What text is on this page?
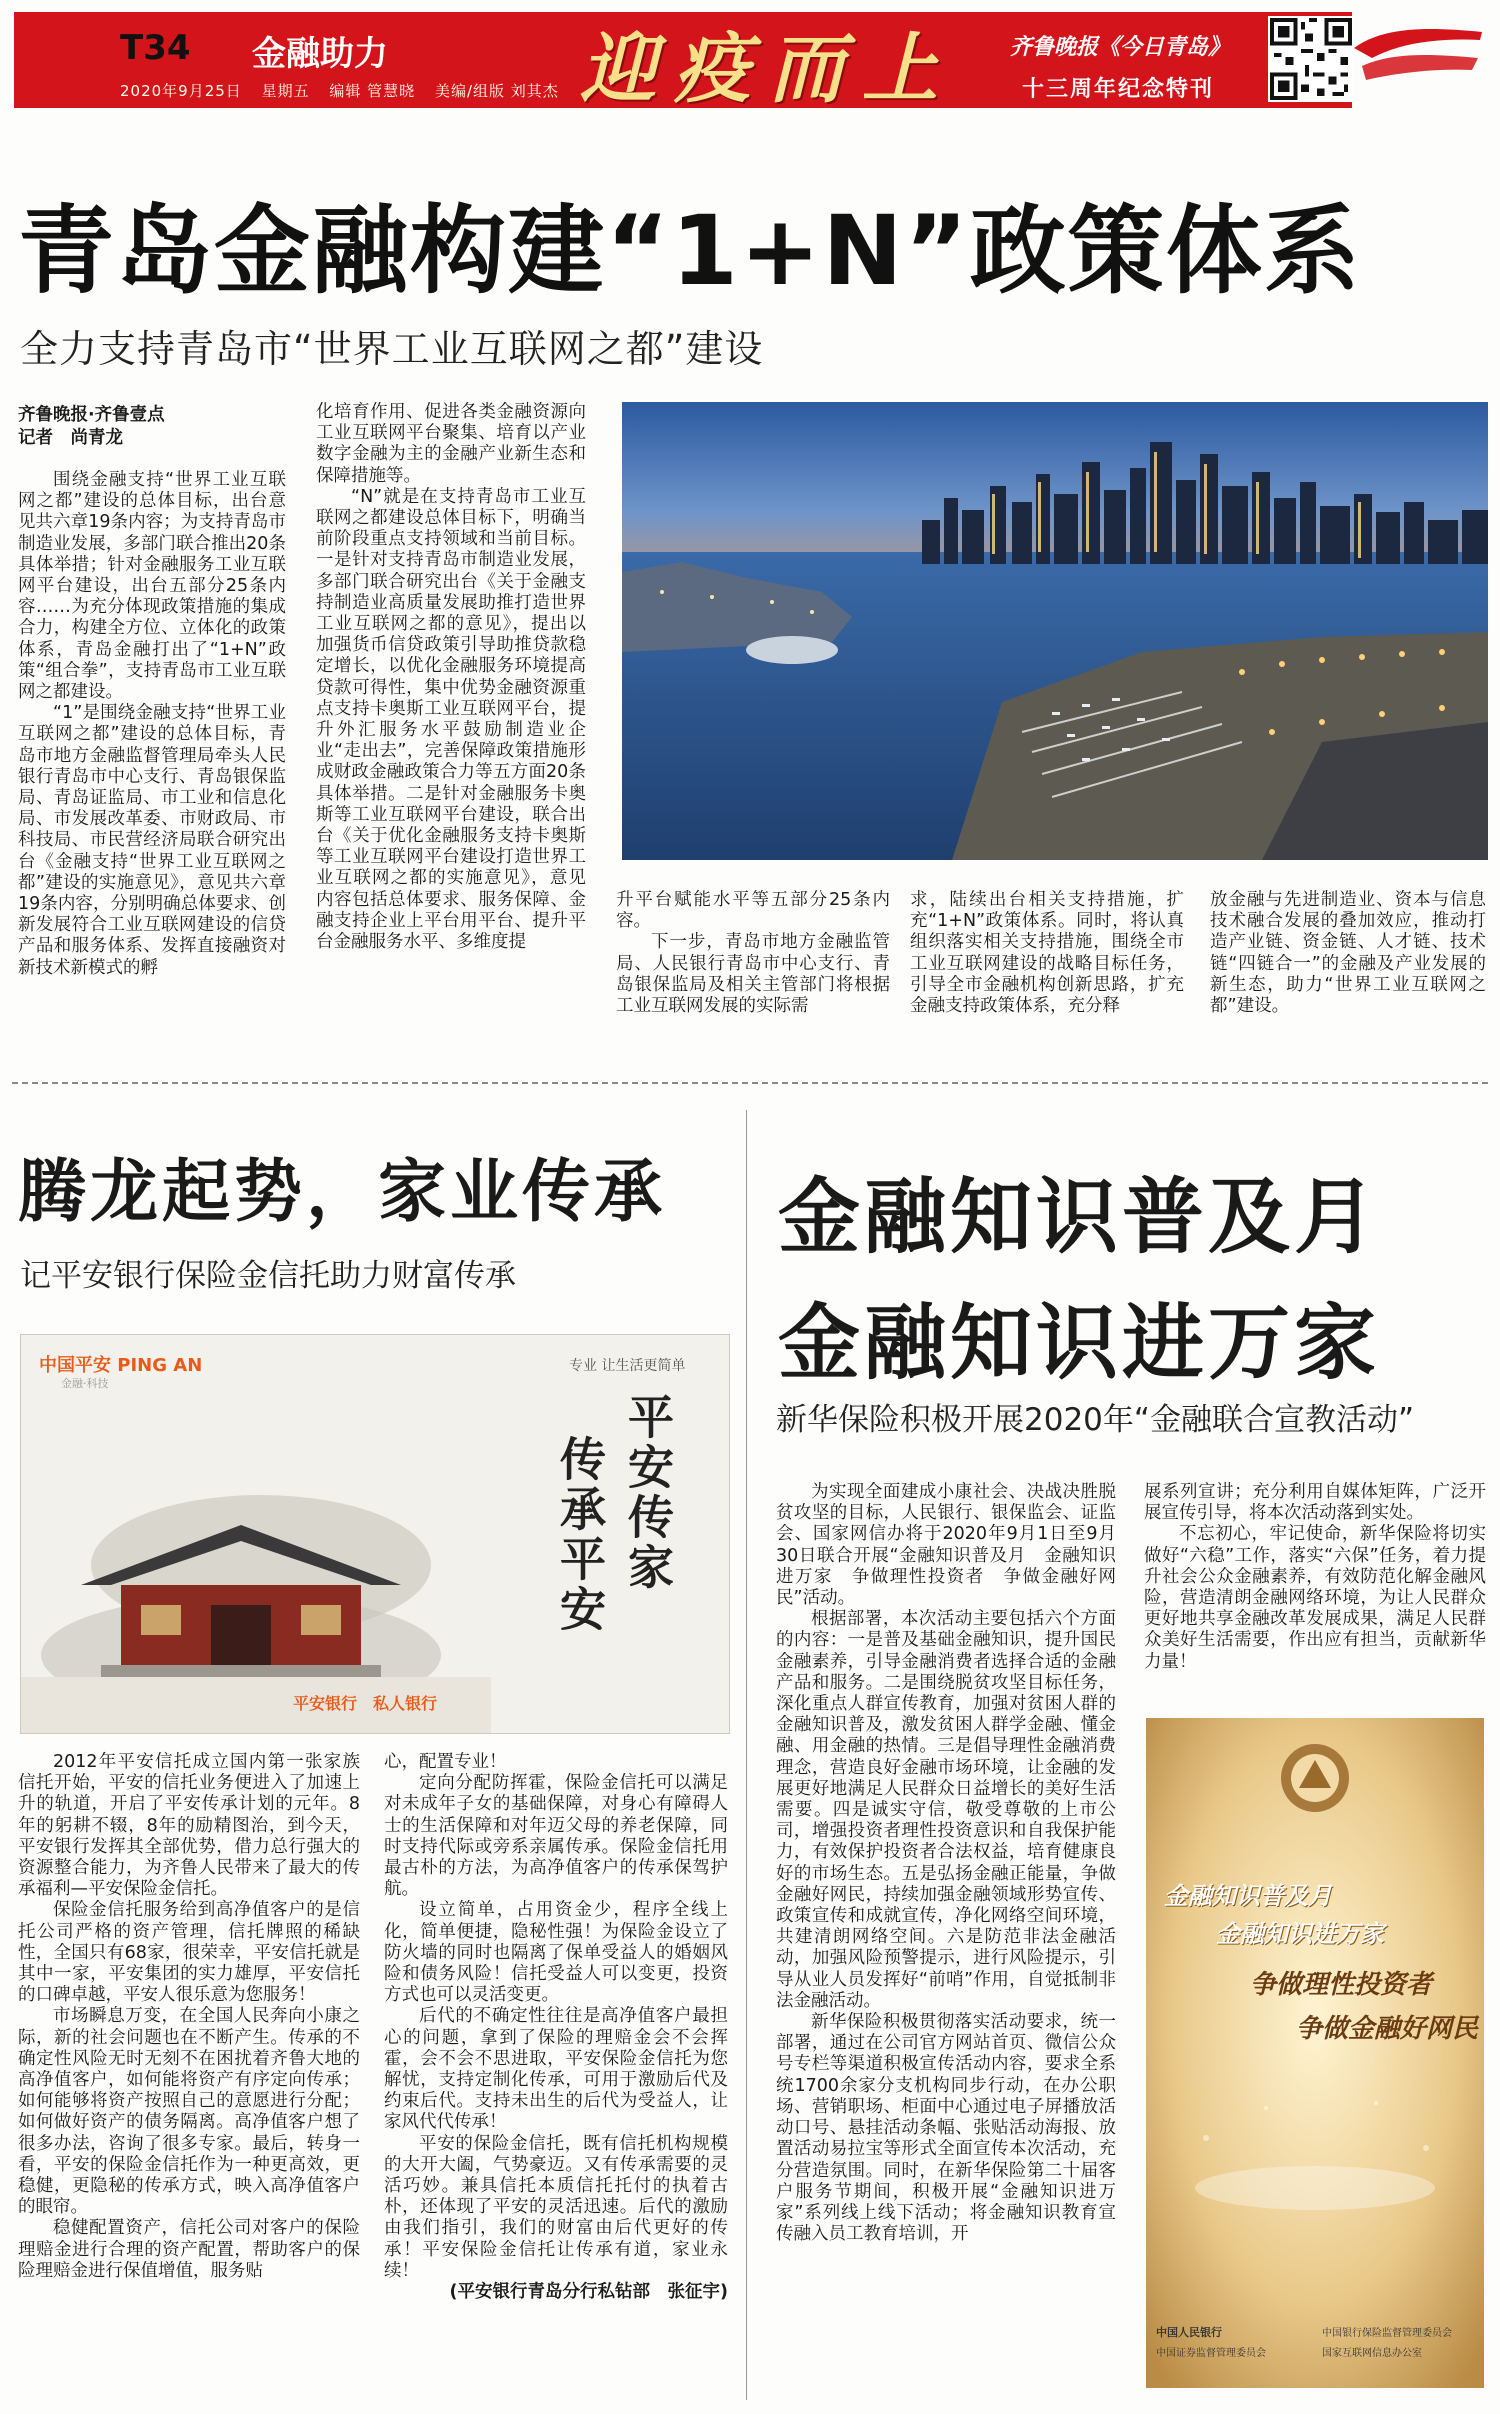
T34 金融助力
2020年9月25日 星期五 编辑 管慧晓 美编/组版 刘其杰 迎疫而上 齐鲁晚报《今日青岛》
十三周年纪念特刊
青岛金融构建“1+N”政策体系
全力支持青岛市“世界工业互联网之都”建设
齐鲁晚报·齐鲁壹点
记者　尚青龙

围绕金融支持“世界工业互联网之都”建设的总体目标，出台意见共六章19条内容；为支持青岛市制造业发展，多部门联合推出20条具体举措；针对金融服务工业互联网平台建设，出台五部分25条内容……为充分体现政策措施的集成合力，构建全方位、立体化的政策体系，青岛金融打出了“1+N”政策“组合拳”，支持青岛市工业互联网之都建设。

“1”是围绕金融支持“世界工业互联网之都”建设的总体目标，青岛市地方金融监督管理局牵头人民银行青岛市中心支行、青岛银保监局、青岛证监局、市工业和信息化局、市发展改革委、市财政局、市科技局、市民营经济局联合研究出台《金融支持“世界工业互联网之都”建设的实施意见》，意见共六章19条内容，分别明确总体要求、创新发展符合工业互联网建设的信贷产品和服务体系、发挥直接融资对新技术新模式的孵

化培育作用、促进各类金融资源向工业互联网平台聚集、培育以产业数字金融为主的金融产业新生态和保障措施等。

“N”就是在支持青岛市工业互联网之都建设总体目标下，明确当前阶段重点支持领域和当前目标。一是针对支持青岛市制造业发展，多部门联合研究出台《关于金融支持制造业高质量发展助推打造世界工业互联网之都的意见》，提出以加强货币信贷政策引导助推贷款稳定增长，以优化金融服务环境提高贷款可得性，集中优势金融资源重点支持卡奥斯工业互联网平台，提升外汇服务水平鼓励制造业企业“走出去”，完善保障政策措施形成财政金融政策合力等五方面20条具体举措。二是针对金融服务卡奥斯等工业互联网平台建设，联合出台《关于优化金融服务支持卡奥斯等工业互联网平台建设打造世界工业互联网之都的实施意见》，意见内容包括总体要求、服务保障、金融支持企业上平台用平台、提升平台金融服务水平、多维度提

升平台赋能水平等五部分25条内容。

下一步，青岛市地方金融监管局、人民银行青岛市中心支行、青岛银保监局及相关主管部门将根据工业互联网发展的实际需

求，陆续出台相关支持措施，扩充“1+N”政策体系。同时，将认真组织落实相关支持措施，围绕全市工业互联网建设的战略目标任务，引导全市金融机构创新思路，扩充金融支持政策体系，充分释

放金融与先进制造业、资本与信息技术融合发展的叠加效应，推动打造产业链、资金链、人才链、技术链“四链合一”的金融及产业发展的新生态，助力“世界工业互联网之都”建设。

腾龙起势，家业传承
记平安银行保险金信托助力财富传承
中国平安 PING AN
金融·科技
专业 让生活更简单
平安传家
传承平安
平安银行　私人银行

2012年平安信托成立国内第一张家族信托开始，平安的信托业务便进入了加速上升的轨道，开启了平安传承计划的元年。8年的躬耕不辍，8年的励精图治，到今天，平安银行发挥其全部优势，借力总行强大的资源整合能力，为齐鲁人民带来了最大的传承福利—平安保险金信托。

保险金信托服务给到高净值客户的是信托公司严格的资产管理，信托牌照的稀缺性，全国只有68家，很荣幸，平安信托就是其中一家，平安集团的实力雄厚，平安信托的口碑卓越，平安人很乐意为您服务！

市场瞬息万变，在全国人民奔向小康之际，新的社会问题也在不断产生。传承的不确定性风险无时无刻不在困扰着齐鲁大地的高净值客户，如何能将资产有序定向传承；如何能够将资产按照自己的意愿进行分配；如何做好资产的债务隔离。高净值客户想了很多办法，咨询了很多专家。最后，转身一看，平安的保险金信托作为一种更高效，更稳健，更隐秘的传承方式，映入高净值客户的眼帘。

稳健配置资产，信托公司对客户的保险理赔金进行合理的资产配置，帮助客户的保险理赔金进行保值增值，服务贴

心，配置专业！

定向分配防挥霍，保险金信托可以满足对未成年子女的基础保障，对身心有障碍人士的生活保障和对年迈父母的养老保障，同时支持代际或旁系亲属传承。保险金信托用最古朴的方法，为高净值客户的传承保驾护航。

设立简单，占用资金少，程序全线上化，简单便捷，隐秘性强！为保险金设立了防火墙的同时也隔离了保单受益人的婚姻风险和债务风险！信托受益人可以变更，投资方式也可以灵活变更。

后代的不确定性往往是高净值客户最担心的问题，拿到了保险的理赔金会不会挥霍，会不会不思进取，平安保险金信托为您解忧，支持定制化传承，可用于激励后代及约束后代。支持未出生的后代为受益人，让家风代代传承！

平安的保险金信托，既有信托机构规模的大开大阖，气势豪迈。又有传承需要的灵活巧妙。兼具信托本质信托托付的执着古朴，还体现了平安的灵活迅速。后代的激励由我们指引，我们的财富由后代更好的传承！平安保险金信托让传承有道，家业永续！

(平安银行青岛分行私钻部　张征宇)
金融知识普及月
金融知识进万家
新华保险积极开展2020年“金融联合宣教活动”

为实现全面建成小康社会、决战决胜脱贫攻坚的目标，人民银行、银保监会、证监会、国家网信办将于2020年9月1日至9月30日联合开展“金融知识普及月　金融知识进万家　争做理性投资者　争做金融好网民”活动。

根据部署，本次活动主要包括六个方面的内容：一是普及基础金融知识，提升国民金融素养，引导金融消费者选择合适的金融产品和服务。二是围绕脱贫攻坚目标任务，深化重点人群宣传教育，加强对贫困人群的金融知识普及，激发贫困人群学金融、懂金融、用金融的热情。三是倡导理性金融消费理念，营造良好金融市场环境，让金融的发展更好地满足人民群众日益增长的美好生活需要。四是诚实守信，敬受尊敬的上市公司，增强投资者理性投资意识和自我保护能力，有效保护投资者合法权益，培育健康良好的市场生态。五是弘扬金融正能量，争做金融好网民，持续加强金融领域形势宣传、政策宣传和成就宣传，净化网络空间环境，共建清朗网络空间。六是防范非法金融活动，加强风险预警提示，进行风险提示，引导从业人员发挥好“前哨”作用，自觉抵制非法金融活动。

新华保险积极贯彻落实活动要求，统一部署，通过在公司官方网站首页、微信公众号专栏等渠道积极宣传活动内容，要求全系统1700余家分支机构同步行动，在办公职场、营销职场、柜面中心通过电子屏播放活动口号、悬挂活动条幅、张贴活动海报、放置活动易拉宝等形式全面宣传本次活动，充分营造氛围。同时，在新华保险第二十届客户服务节期间，积极开展“金融知识进万家”系列线上线下活动；将金融知识教育宣传融入员工教育培训，开

展系列宣讲；充分利用自媒体矩阵，广泛开展宣传引导，将本次活动落到实处。

不忘初心，牢记使命，新华保险将切实做好“六稳”工作，落实“六保”任务，着力提升社会公众金融素养，有效防范化解金融风险，营造清朗金融网络环境，为让人民群众更好地共享金融改革发展成果，满足人民群众美好生活需要，作出应有担当，贡献新华力量！

金融知识普及月
金融知识进万家
争做理性投资者
争做金融好网民
中国人民银行
中国证券监督管理委员会
中国银行保险监督管理委员会
国家互联网信息办公室
